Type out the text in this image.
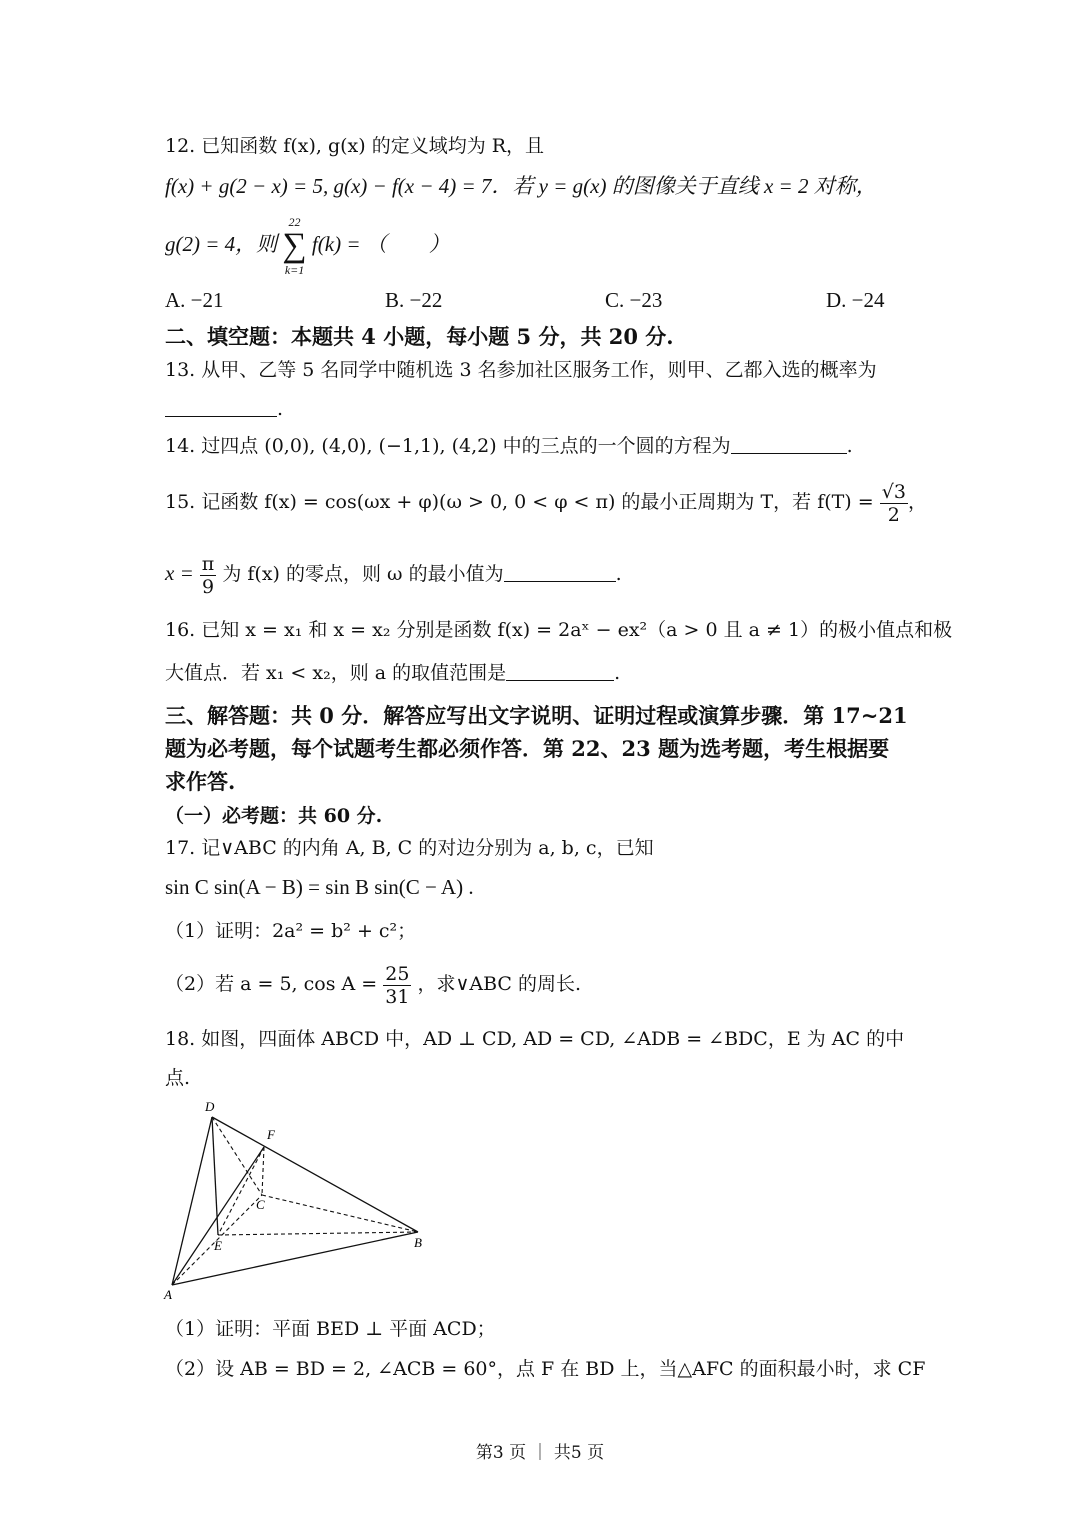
12. 已知函数 f(x), g(x) 的定义域均为 R，且
f(x) + g(2 − x) = 5, g(x) − f(x − 4) = 7．若 y = g(x) 的图像关于直线 x = 2 对称，
g(2) = 4，则
22
∑
k=1
f(k) = （　　）
A. −21	B. −22	C. −23	D. −24
二、填空题：本题共 4 小题，每小题 5 分，共 20 分.
13. 从甲、乙等 5 名同学中随机选 3 名参加社区服务工作，则甲、乙都入选的概率为
.
14. 过四点 (0,0), (4,0), (−1,1), (4,2) 中的三点的一个圆的方程为	.
15. 记函数 f(x) = cos(ωx + φ)(ω > 0, 0 < φ < π) 的最小正周期为 T，若 $f(T) = \frac{√3}{2}$ ，
$x = \frac{\pi}{9}$ 为 f(x) 的零点，则 ω 的最小值为	.
16. 已知 x = x₁ 和 x = x₂ 分别是函数 f(x) = 2aˣ − ex²（a > 0 且 a ≠ 1）的极小值点和极
大值点．若 x₁ < x₂，则 a 的取值范围是	.
三、解答题：共 0 分．解答应写出文字说明、证明过程或演算步骤．第 17~21
题为必考题，每个试题考生都必须作答．第 22、23 题为选考题，考生根据要
求作答.
（一）必考题：共 60 分.
17. 记∨ABC 的内角 A, B, C 的对边分别为 a, b, c，已知
sin C sin(A − B) = sin B sin(C − A) .
（1）证明：2a² = b² + c²；
（2）若 a = 5, $\cos A = \frac{25}{31}$ ，求∨ABC 的周长.
18. 如图，四面体 ABCD 中，AD ⊥ CD, AD = CD, ∠ADB = ∠BDC，E 为 AC 的中
点.
D
F
C
E	B
A
（1）证明：平面 BED ⊥ 平面 ACD；
（2）设 AB = BD = 2, ∠ACB = 60°，点 F 在 BD 上，当△AFC 的面积最小时，求 CF
第3 页 ｜ 共5 页
